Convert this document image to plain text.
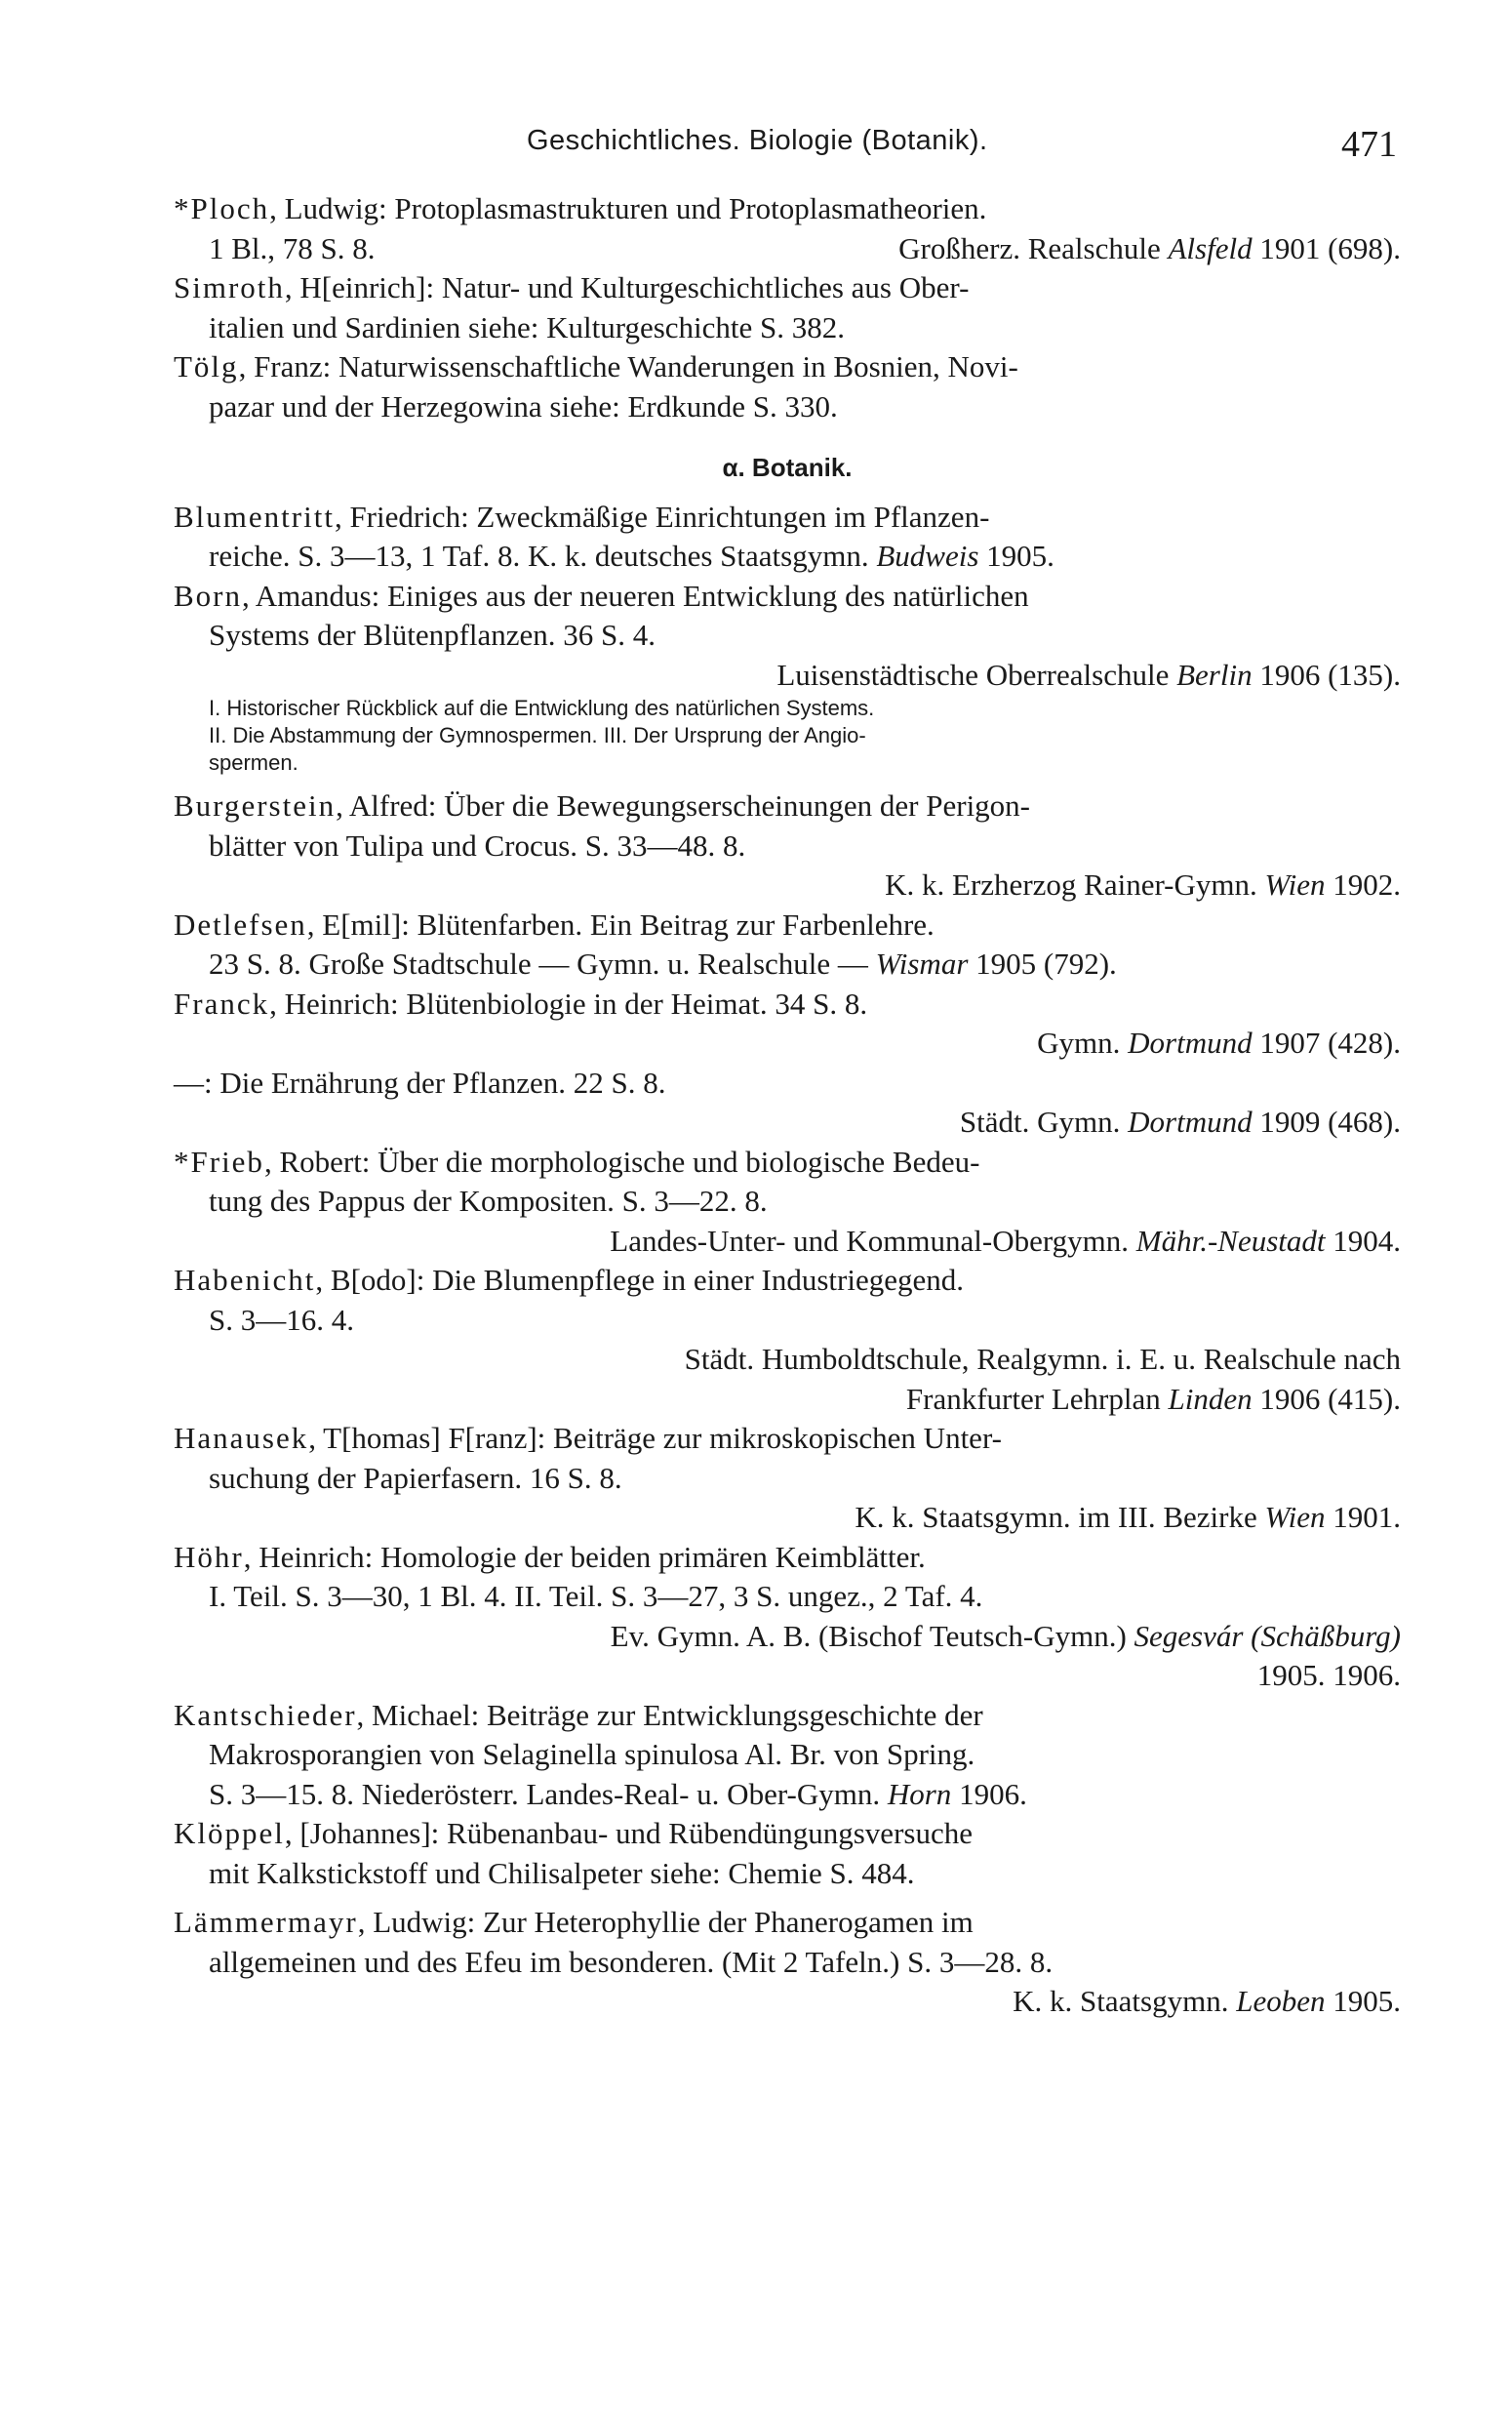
Geschichtliches. Biologie (Botanik).	471
*Ploch, Ludwig: Protoplasmastrukturen und Protoplasmatheorien.
1 Bl., 78 S. 8.	Großherz. Realschule Alsfeld 1901 (698).
Simroth, H[einrich]: Natur- und Kulturgeschichtliches aus Ober-
italien und Sardinien siehe: Kulturgeschichte S. 382.
Tölg, Franz: Naturwissenschaftliche Wanderungen in Bosnien, Novi-
pazar und der Herzegowina siehe: Erdkunde S. 330.
α. Botanik.
Blumentritt, Friedrich: Zweckmäßige Einrichtungen im Pflanzen-
reiche. S. 3—13, 1 Taf. 8. K. k. deutsches Staatsgymn. Budweis 1905.
Born, Amandus: Einiges aus der neueren Entwicklung des natürlichen
Systems der Blütenpflanzen. 36 S. 4.
Luisenstädtische Oberrealschule Berlin 1906 (135).
I. Historischer Rückblick auf die Entwicklung des natürlichen Systems.
II. Die Abstammung der Gymnospermen. III. Der Ursprung der Angio-
spermen.
Burgerstein, Alfred: Über die Bewegungserscheinungen der Perigon-
blätter von Tulipa und Crocus. S. 33—48. 8.
K. k. Erzherzog Rainer-Gymn. Wien 1902.
Detlefsen, E[mil]: Blütenfarben. Ein Beitrag zur Farbenlehre.
23 S. 8. Große Stadtschule — Gymn. u. Realschule — Wismar 1905 (792).
Franck, Heinrich: Blütenbiologie in der Heimat. 34 S. 8.
Gymn. Dortmund 1907 (428).
—: Die Ernährung der Pflanzen. 22 S. 8.
Städt. Gymn. Dortmund 1909 (468).
*Frieb, Robert: Über die morphologische und biologische Bedeu-
tung des Pappus der Kompositen. S. 3—22. 8.
Landes-Unter- und Kommunal-Obergymn. Mähr.-Neustadt 1904.
Habenicht, B[odo]: Die Blumenpflege in einer Industriegegend.
S. 3—16. 4.
Städt. Humboldtschule, Realgymn. i. E. u. Realschule nach
Frankfurter Lehrplan Linden 1906 (415).
Hanausek, T[homas] F[ranz]: Beiträge zur mikroskopischen Unter-
suchung der Papierfasern. 16 S. 8.
K. k. Staatsgymn. im III. Bezirke Wien 1901.
Höhr, Heinrich: Homologie der beiden primären Keimblätter.
I. Teil. S. 3—30, 1 Bl. 4. II. Teil. S. 3—27, 3 S. ungez., 2 Taf. 4.
Ev. Gymn. A. B. (Bischof Teutsch-Gymn.) Segesvár (Schäßburg)
1905. 1906.
Kantschieder, Michael: Beiträge zur Entwicklungsgeschichte der
Makrosporangien von Selaginella spinulosa Al. Br. von Spring.
S. 3—15. 8. Niederösterr. Landes-Real- u. Ober-Gymn. Horn 1906.
Klöppel, [Johannes]: Rübenanbau- und Rübendüngungsversuche
mit Kalkstickstoff und Chilisalpeter siehe: Chemie S. 484.
Lämmermayr, Ludwig: Zur Heterophyllie der Phanerogamen im
allgemeinen und des Efeu im besonderen. (Mit 2 Tafeln.) S. 3—28. 8.
K. k. Staatsgymn. Leoben 1905.
